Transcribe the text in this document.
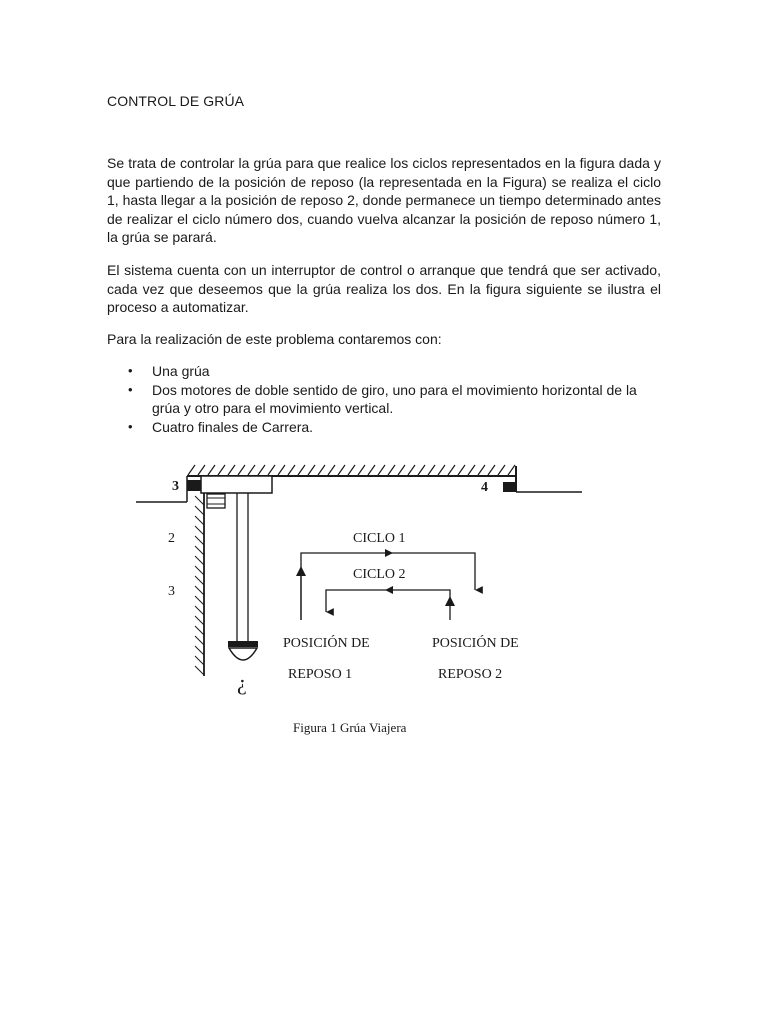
CONTROL DE GRÚA

Se trata de controlar la grúa para que realice los ciclos representados en la figura dada y que partiendo de la posición de reposo (la representada en la Figura) se realiza el ciclo 1, hasta llegar a la posición de reposo 2, donde permanece un tiempo determinado antes de realizar el ciclo número dos, cuando vuelva alcanzar la posición de reposo número 1, la grúa se parará.

El sistema cuenta con un interruptor de control o arranque que tendrá que ser activado, cada vez que deseemos que la grúa realiza los dos. En la figura siguiente se ilustra el proceso a automatizar.

Para la realización de este problema contaremos con:

• Una grúa
• Dos motores de doble sentido de giro, uno para el movimiento horizontal de la grúa y otro para el movimiento vertical.
• Cuatro finales de Carrera.
3	4
2
3
CICLO 1
CICLO 2
POSICIÓN DE
REPOSO 1
POSICIÓN DE
REPOSO 2
¿
Figura 1 Grúa Viajera
